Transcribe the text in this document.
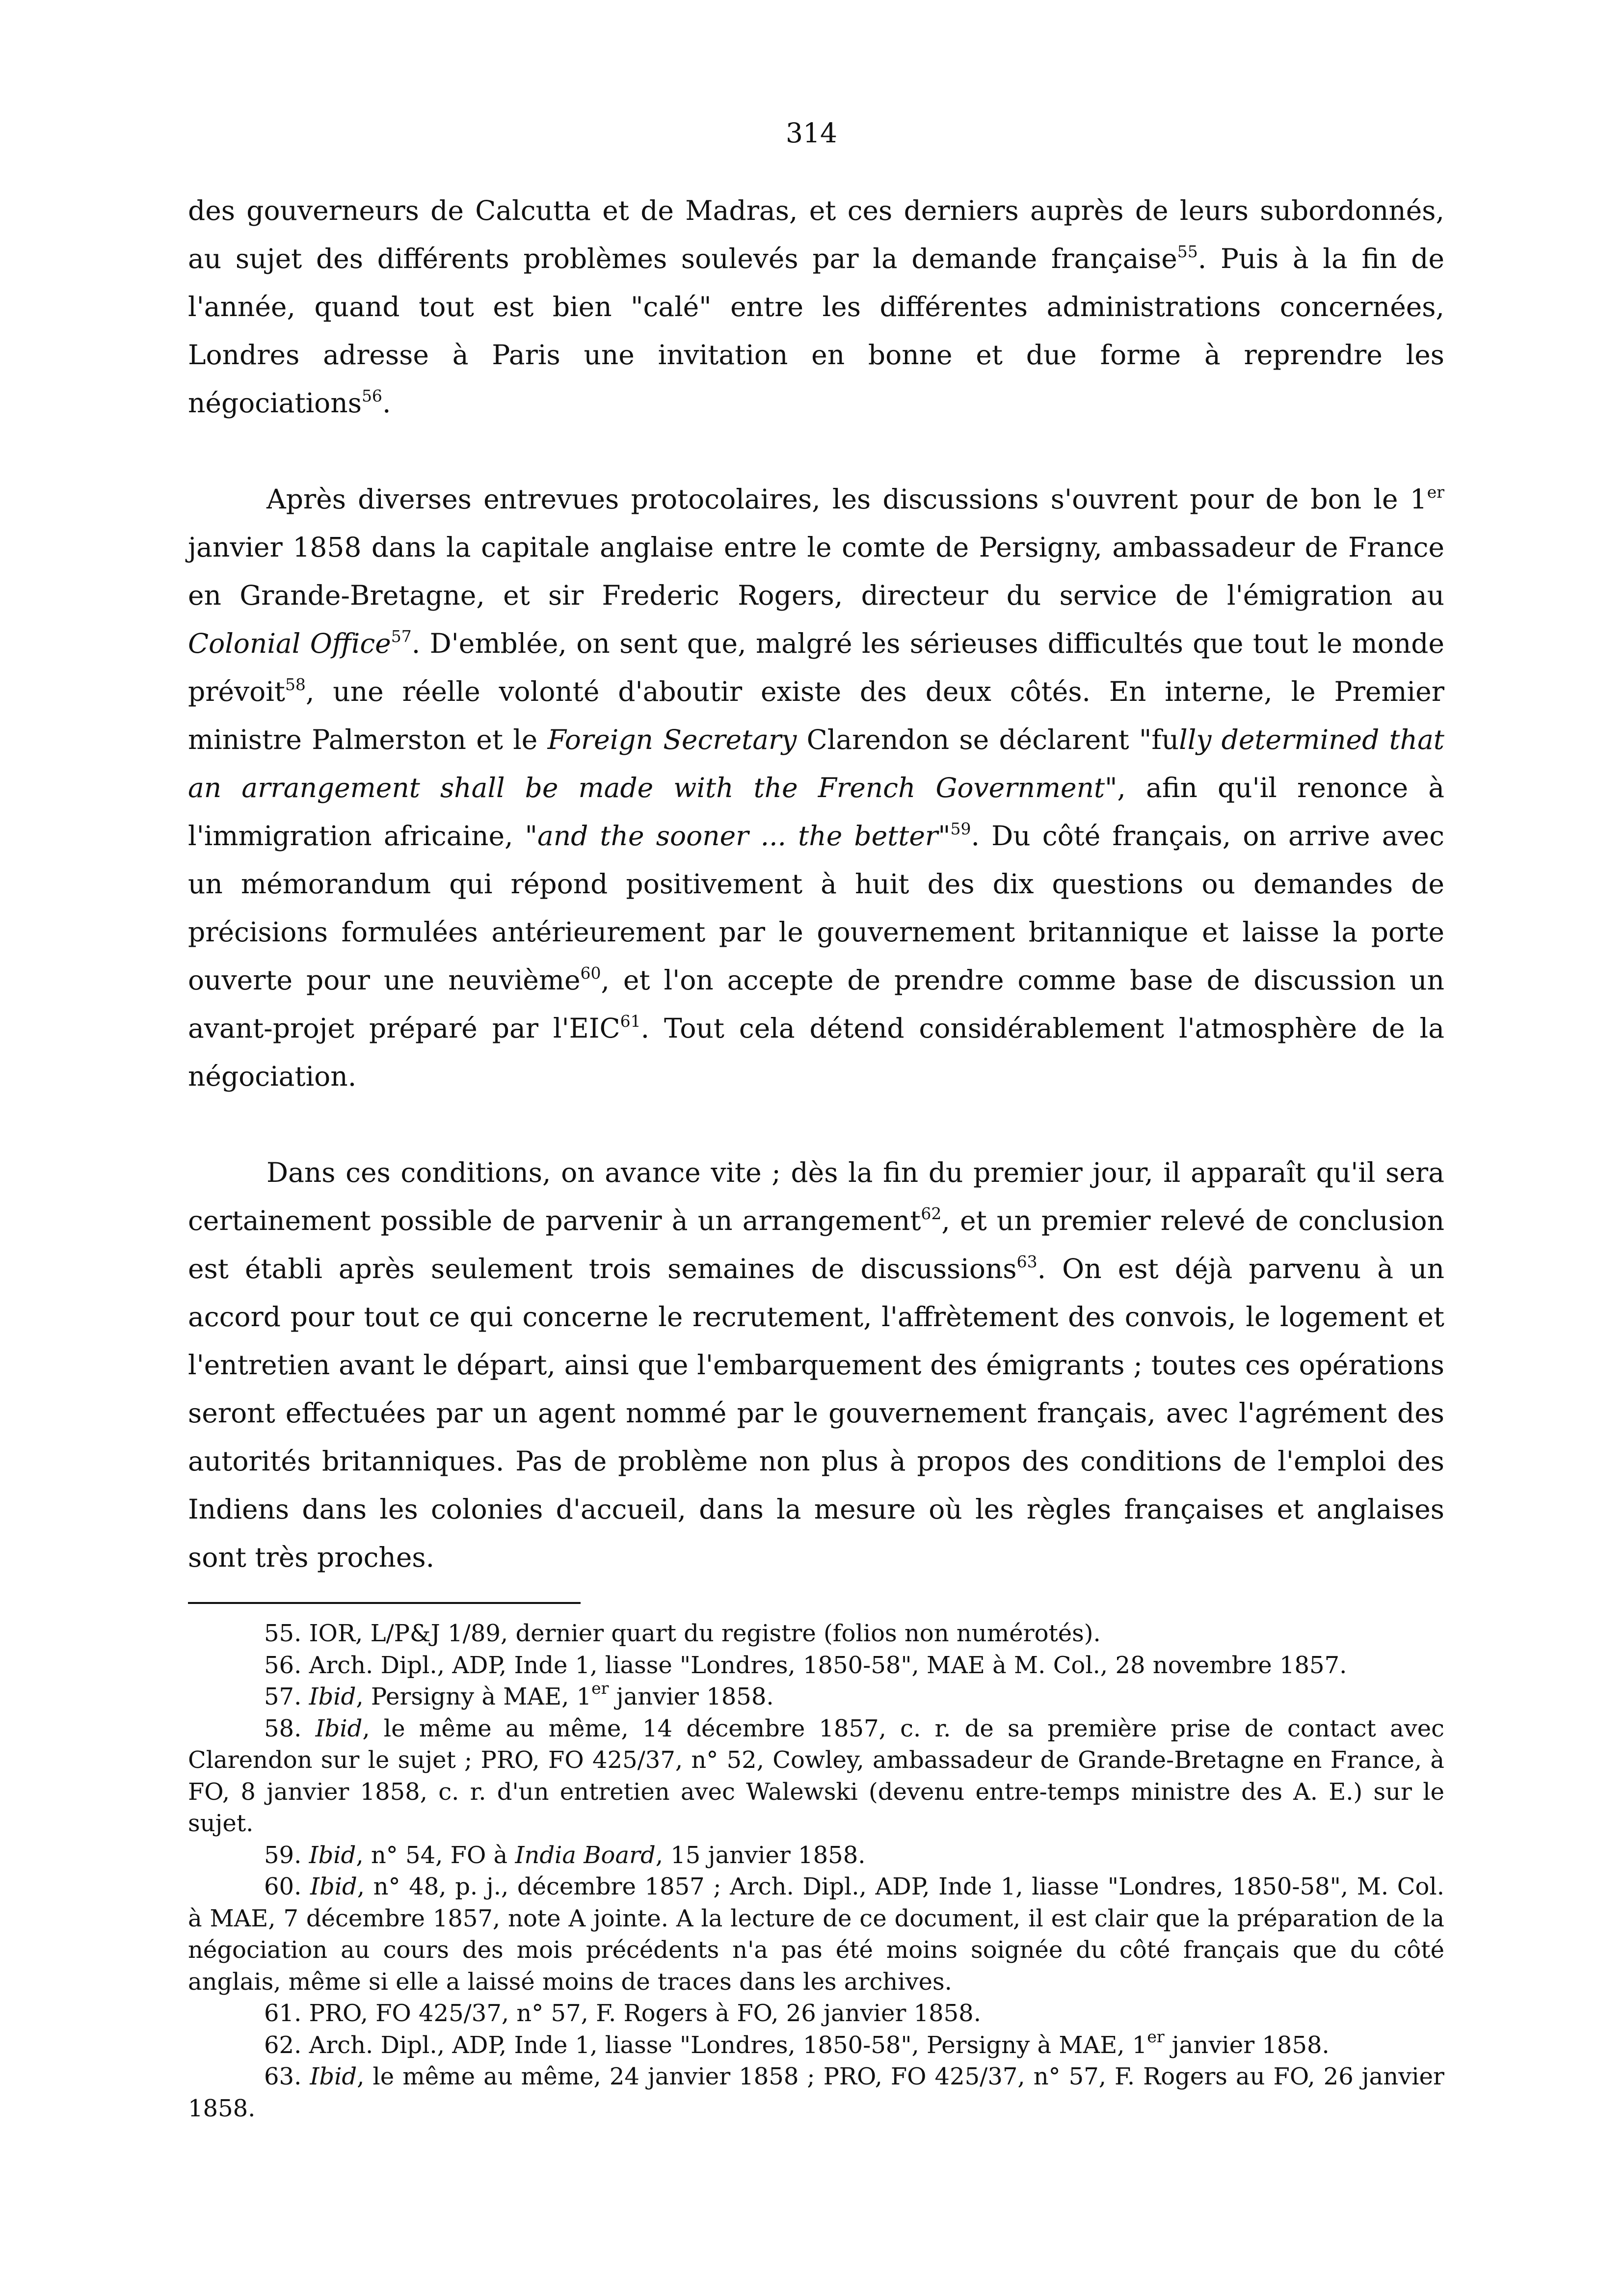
314

des gouverneurs de Calcutta et de Madras, et ces derniers auprès de leurs subordonnés, au sujet des différents problèmes soulevés par la demande française$^{55}$. Puis à la fin de l'année, quand tout est bien "calé" entre les différentes administrations concernées, Londres adresse à Paris une invitation en bonne et due forme à reprendre les négociations$^{56}$.

Après diverses entrevues protocolaires, les discussions s'ouvrent pour de bon le 1er janvier 1858 dans la capitale anglaise entre le comte de Persigny, ambassadeur de France en Grande-Bretagne, et sir Frederic Rogers, directeur du service de l'émigration au Colonial Office$^{57}$. D'emblée, on sent que, malgré les sérieuses difficultés que tout le monde prévoit$^{58}$, une réelle volonté d'aboutir existe des deux côtés. En interne, le Premier ministre Palmerston et le Foreign Secretary Clarendon se déclarent "fully determined that an arrangement shall be made with the French Government", afin qu'il renonce à l'immigration africaine, "and the sooner ... the better"$^{59}$. Du côté français, on arrive avec un mémorandum qui répond positivement à huit des dix questions ou demandes de précisions formulées antérieurement par le gouvernement britannique et laisse la porte ouverte pour une neuvième$^{60}$, et l'on accepte de prendre comme base de discussion un avant-projet préparé par l'EIC$^{61}$. Tout cela détend considérablement l'atmosphère de la négociation.

Dans ces conditions, on avance vite ; dès la fin du premier jour, il apparaît qu'il sera certainement possible de parvenir à un arrangement$^{62}$, et un premier relevé de conclusion est établi après seulement trois semaines de discussions$^{63}$. On est déjà parvenu à un accord pour tout ce qui concerne le recrutement, l'affrètement des convois, le logement et l'entretien avant le départ, ainsi que l'embarquement des émigrants ; toutes ces opérations seront effectuées par un agent nommé par le gouvernement français, avec l'agrément des autorités britanniques. Pas de problème non plus à propos des conditions de l'emploi des Indiens dans les colonies d'accueil, dans la mesure où les règles françaises et anglaises sont très proches.

55. IOR, L/P&J 1/89, dernier quart du registre (folios non numérotés).

56. Arch. Dipl., ADP, Inde 1, liasse "Londres, 1850-58", MAE à M. Col., 28 novembre 1857.

57. Ibid, Persigny à MAE, 1er janvier 1858.

58. Ibid, le même au même, 14 décembre 1857, c. r. de sa première prise de contact avec Clarendon sur le sujet ; PRO, FO 425/37, n° 52, Cowley, ambassadeur de Grande-Bretagne en France, à FO, 8 janvier 1858, c. r. d'un entretien avec Walewski (devenu entre-temps ministre des A. E.) sur le sujet.

59. Ibid, n° 54, FO à India Board, 15 janvier 1858.

60. Ibid, n° 48, p. j., décembre 1857 ; Arch. Dipl., ADP, Inde 1, liasse "Londres, 1850-58", M. Col. à MAE, 7 décembre 1857, note A jointe. A la lecture de ce document, il est clair que la préparation de la négociation au cours des mois précédents n'a pas été moins soignée du côté français que du côté anglais, même si elle a laissé moins de traces dans les archives.

61. PRO, FO 425/37, n° 57, F. Rogers à FO, 26 janvier 1858.

62. Arch. Dipl., ADP, Inde 1, liasse "Londres, 1850-58", Persigny à MAE, 1er janvier 1858.

63. Ibid, le même au même, 24 janvier 1858 ; PRO, FO 425/37, n° 57, F. Rogers au FO, 26 janvier 1858.
